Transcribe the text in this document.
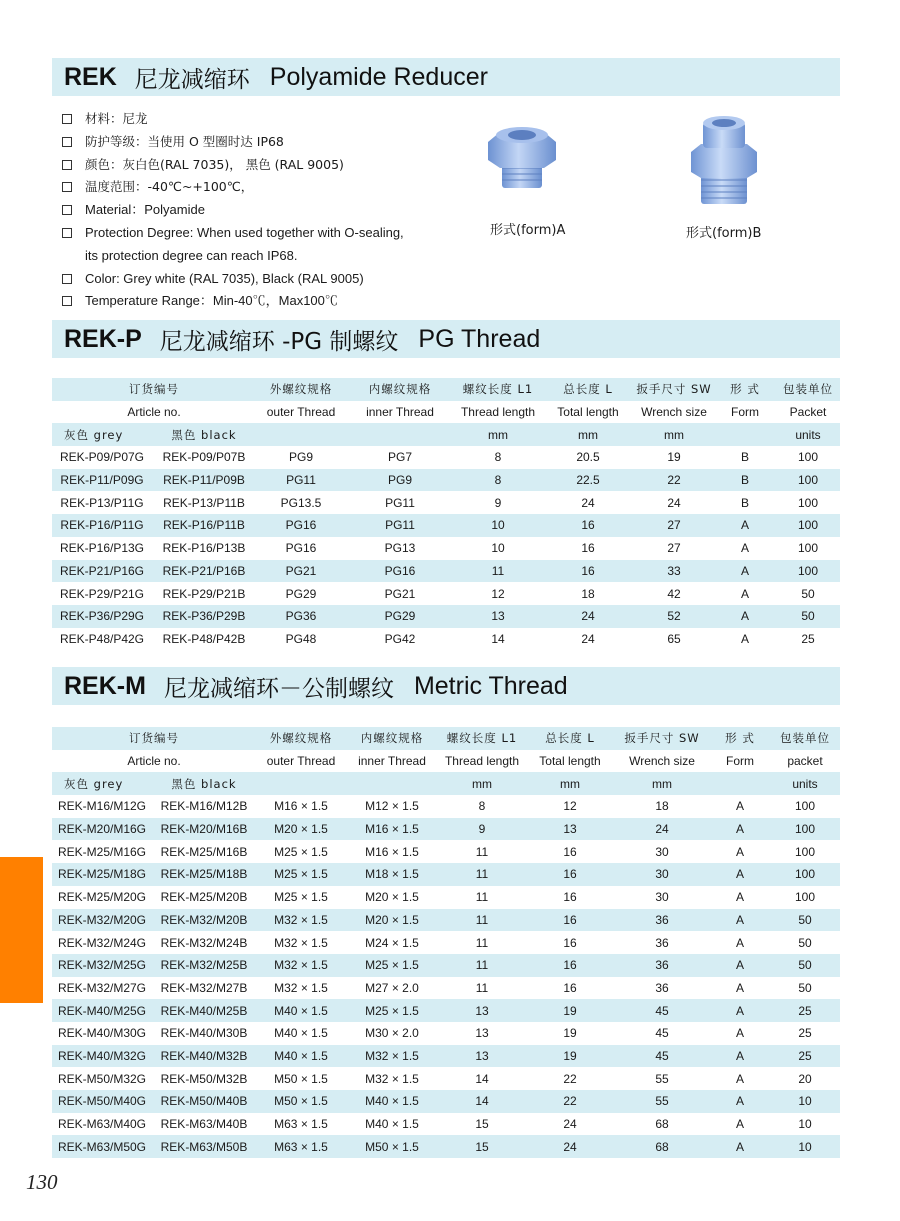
REK 尼龙减缩环 Polyamide Reducer
材料：尼龙
防护等级：当使用 O 型圈时达 IP68
颜色：灰白色(RAL 7035)， 黑色 (RAL 9005)
温度范围：-40℃~+100℃，
Material：Polyamide
Protection Degree: When used together with O-sealing,
its protection degree can reach IP68.
Color: Grey white (RAL 7035), Black (RAL 9005)
Temperature Range：Min-40℃，Max100℃
形式(form)A	形式(form)B
REK-P 尼龙减缩环 -PG 制螺纹 PG Thread
订货编号		外螺纹规格	内螺纹规格	螺纹长度 L1	总长度 L	扳手尺寸 SW	形 式	包装单位
Article no.		outer Thread	inner Thread	Thread length	Total length	Wrench size	Form	Packet
灰色 grey	黑色 black			mm	mm	mm		units
REK-P09/P07G	REK-P09/P07B	PG9	PG7	8	20.5	19	B	100
REK-P11/P09G	REK-P11/P09B	PG11	PG9	8	22.5	22	B	100
REK-P13/P11G	REK-P13/P11B	PG13.5	PG11	9	24	24	B	100
REK-P16/P11G	REK-P16/P11B	PG16	PG11	10	16	27	A	100
REK-P16/P13G	REK-P16/P13B	PG16	PG13	10	16	27	A	100
REK-P21/P16G	REK-P21/P16B	PG21	PG16	11	16	33	A	100
REK-P29/P21G	REK-P29/P21B	PG29	PG21	12	18	42	A	50
REK-P36/P29G	REK-P36/P29B	PG36	PG29	13	24	52	A	50
REK-P48/P42G	REK-P48/P42B	PG48	PG42	14	24	65	A	25
REK-M 尼龙减缩环－公制螺纹 Metric Thread
订货编号		外螺纹规格	内螺纹规格	螺纹长度 L1	总长度 L	扳手尺寸 SW	形 式	包装单位
Article no.		outer Thread	inner Thread	Thread length	Total length	Wrench size	Form	packet
灰色 grey	黑色 black			mm	mm	mm		units
REK-M16/M12G	REK-M16/M12B	M16 × 1.5	M12 × 1.5	8	12	18	A	100
REK-M20/M16G	REK-M20/M16B	M20 × 1.5	M16 × 1.5	9	13	24	A	100
REK-M25/M16G	REK-M25/M16B	M25 × 1.5	M16 × 1.5	11	16	30	A	100
REK-M25/M18G	REK-M25/M18B	M25 × 1.5	M18 × 1.5	11	16	30	A	100
REK-M25/M20G	REK-M25/M20B	M25 × 1.5	M20 × 1.5	11	16	30	A	100
REK-M32/M20G	REK-M32/M20B	M32 × 1.5	M20 × 1.5	11	16	36	A	50
REK-M32/M24G	REK-M32/M24B	M32 × 1.5	M24 × 1.5	11	16	36	A	50
REK-M32/M25G	REK-M32/M25B	M32 × 1.5	M25 × 1.5	11	16	36	A	50
REK-M32/M27G	REK-M32/M27B	M32 × 1.5	M27 × 2.0	11	16	36	A	50
REK-M40/M25G	REK-M40/M25B	M40 × 1.5	M25 × 1.5	13	19	45	A	25
REK-M40/M30G	REK-M40/M30B	M40 × 1.5	M30 × 2.0	13	19	45	A	25
REK-M40/M32G	REK-M40/M32B	M40 × 1.5	M32 × 1.5	13	19	45	A	25
REK-M50/M32G	REK-M50/M32B	M50 × 1.5	M32 × 1.5	14	22	55	A	20
REK-M50/M40G	REK-M50/M40B	M50 × 1.5	M40 × 1.5	14	22	55	A	10
REK-M63/M40G	REK-M63/M40B	M63 × 1.5	M40 × 1.5	15	24	68	A	10
REK-M63/M50G	REK-M63/M50B	M63 × 1.5	M50 × 1.5	15	24	68	A	10
130
